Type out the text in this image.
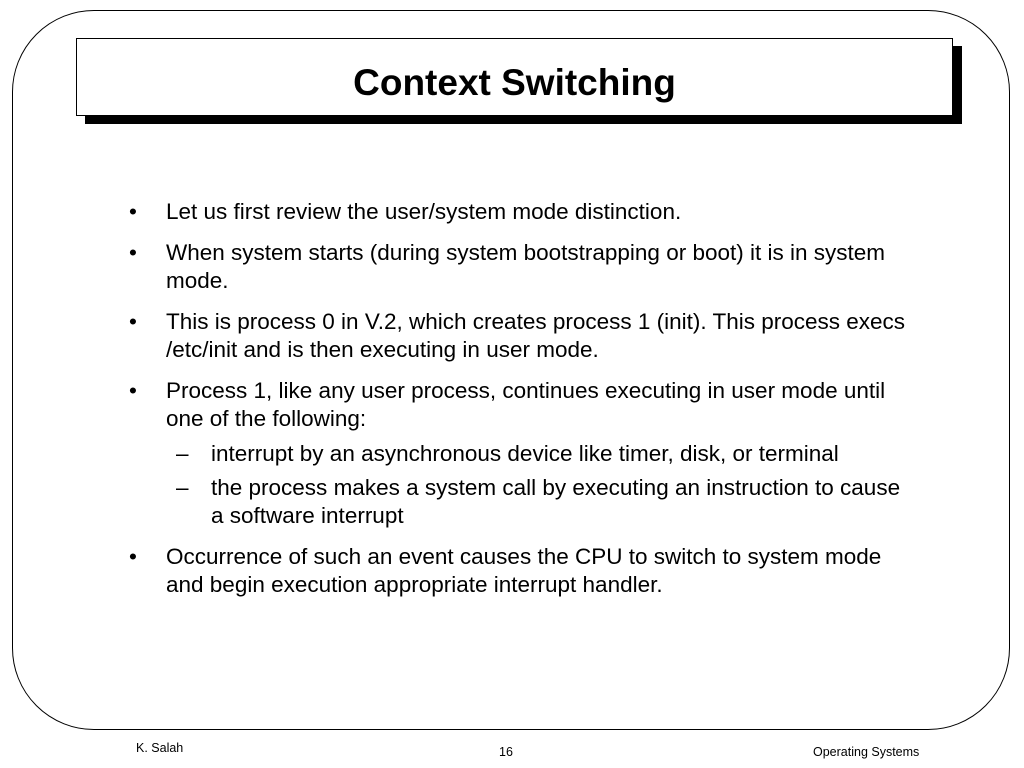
Context Switching
• Let us first review the user/system mode distinction.
• When system starts (during system bootstrapping or boot) it is in system mode.
• This is process 0 in V.2, which creates process 1 (init). This process execs /etc/init and is then executing in user mode.
• Process 1, like any user process, continues executing in user mode until one of the following:
– interrupt by an asynchronous device like timer, disk, or terminal
– the process makes a system call by executing an instruction to cause a software interrupt
• Occurrence of such an event causes the CPU to switch to system mode and begin execution appropriate interrupt handler.
K. Salah	16	Operating Systems
